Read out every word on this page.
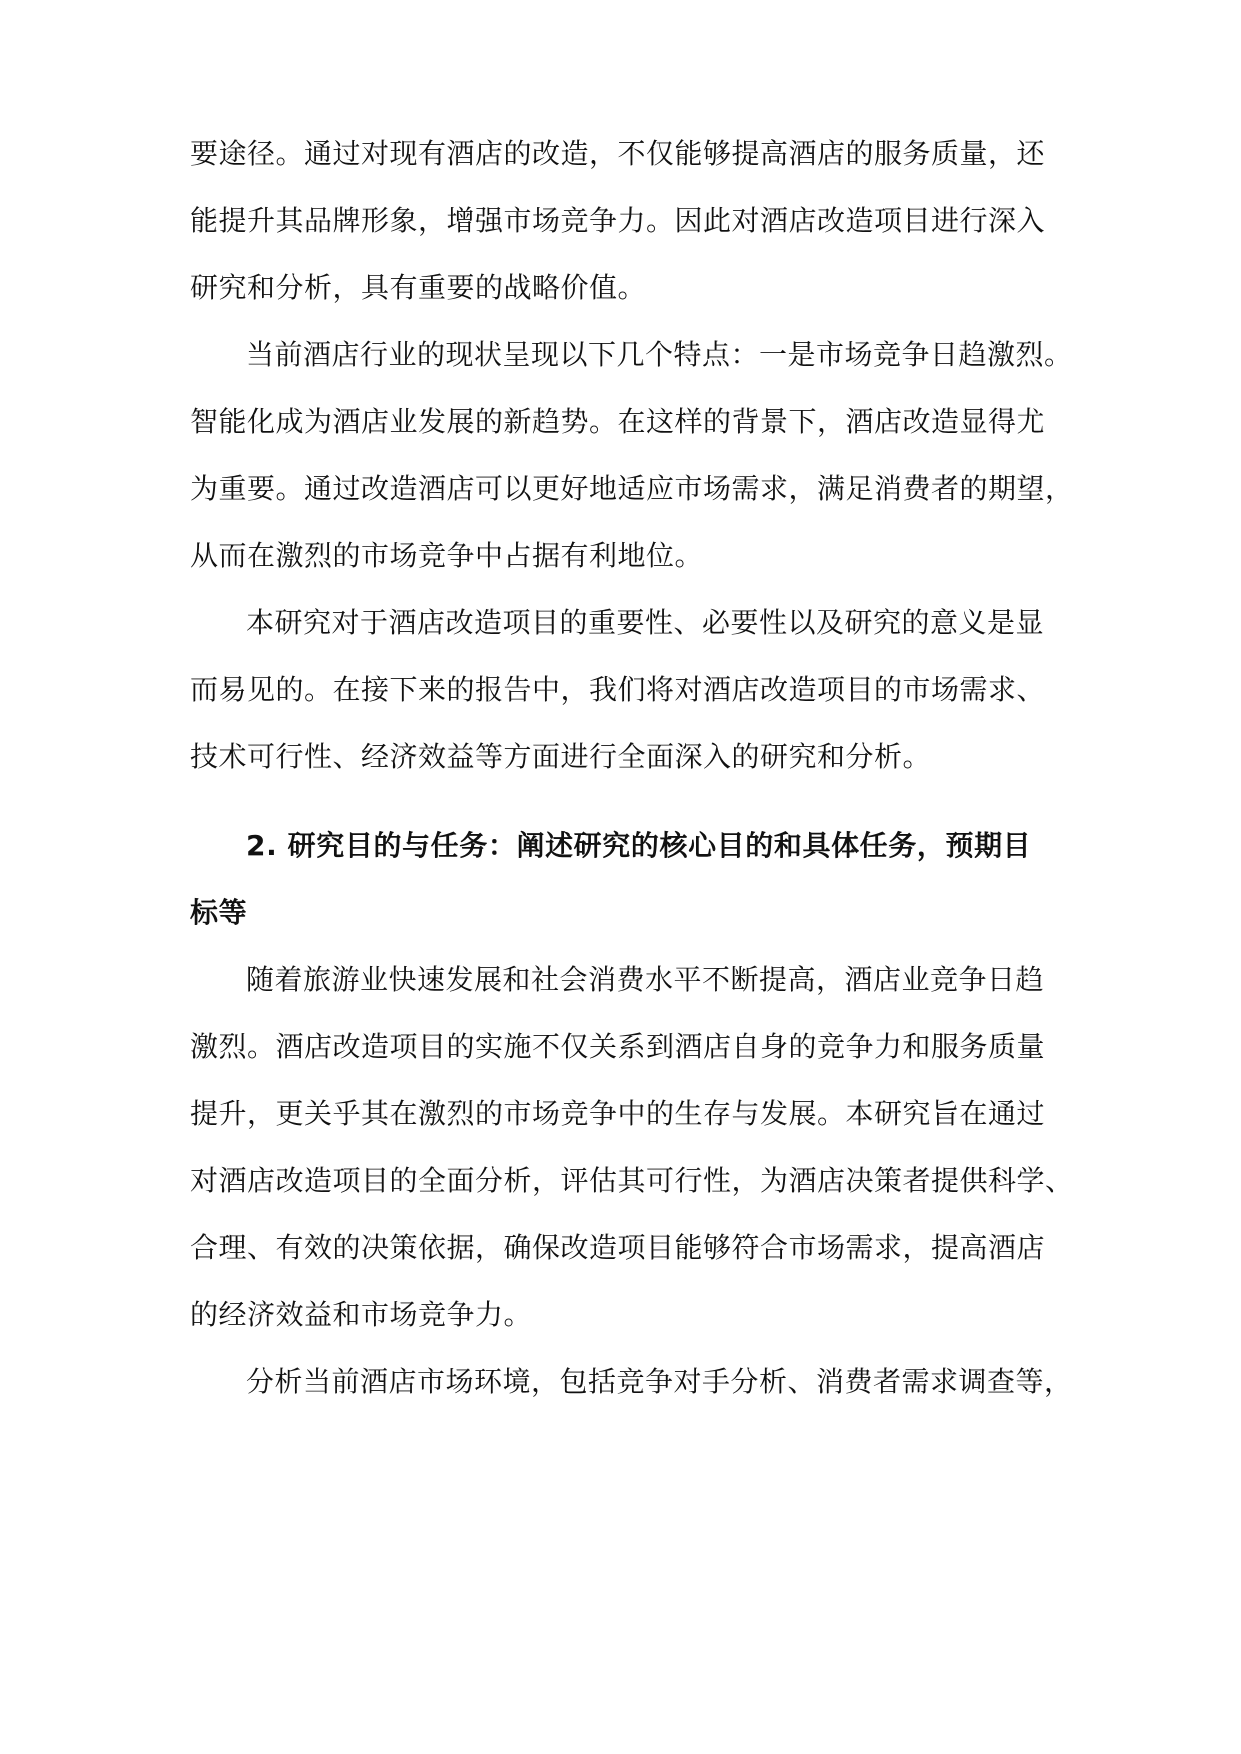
要途径。通过对现有酒店的改造，不仅能够提高酒店的服务质量，还
能提升其品牌形象，增强市场竞争力。因此对酒店改造项目进行深入
研究和分析，具有重要的战略价值。
当前酒店行业的现状呈现以下几个特点：一是市场竞争日趋激烈。
智能化成为酒店业发展的新趋势。在这样的背景下，酒店改造显得尤
为重要。通过改造酒店可以更好地适应市场需求，满足消费者的期望，
从而在激烈的市场竞争中占据有利地位。
本研究对于酒店改造项目的重要性、必要性以及研究的意义是显
而易见的。在接下来的报告中，我们将对酒店改造项目的市场需求、
技术可行性、经济效益等方面进行全面深入的研究和分析。
2. 研究目的与任务：阐述研究的核心目的和具体任务，预期目
标等
随着旅游业快速发展和社会消费水平不断提高，酒店业竞争日趋
激烈。酒店改造项目的实施不仅关系到酒店自身的竞争力和服务质量
提升，更关乎其在激烈的市场竞争中的生存与发展。本研究旨在通过
对酒店改造项目的全面分析，评估其可行性，为酒店决策者提供科学、
合理、有效的决策依据，确保改造项目能够符合市场需求，提高酒店
的经济效益和市场竞争力。
分析当前酒店市场环境，包括竞争对手分析、消费者需求调查等，
